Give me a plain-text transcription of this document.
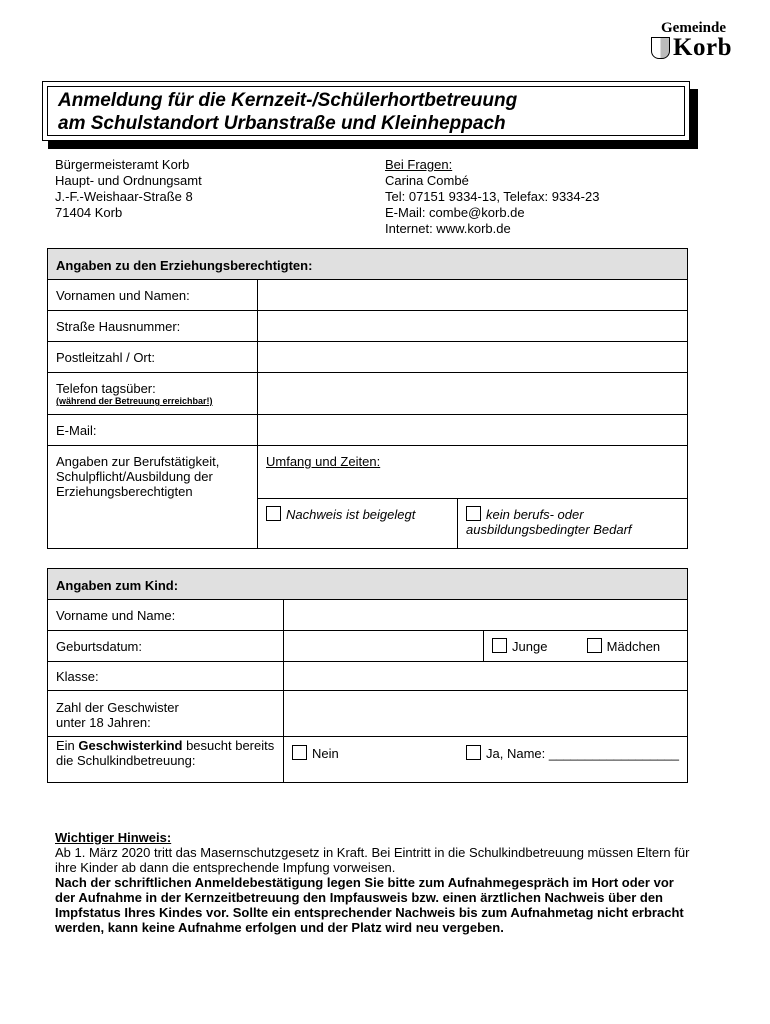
Gemeinde
Korb
Anmeldung für die Kernzeit-/Schülerhortbetreuung
am Schulstandort Urbanstraße und Kleinheppach
Bürgermeisteramt Korb
Haupt- und Ordnungsamt
J.-F.-Weishaar-Straße 8
71404 Korb
Bei Fragen:
Carina Combé
Tel: 07151 9334-13, Telefax: 9334-23
E-Mail: combe@korb.de
Internet: www.korb.de
Angaben zu den Erziehungsberechtigten:		
Vornamen und Namen:		
Straße Hausnummer:		
Postleitzahl / Ort:		
Telefon tagsüber:
(während der Betreuung erreichbar!)		

E-Mail:		
Angaben zur Berufstätigkeit, Schulpflicht/Ausbildung der Erziehungsberechtigten	Umfang und Zeiten:	
	Nachweis ist beigelegt	kein berufs- oder ausbildungsbedingter Bedarf
Angaben zum Kind:		
Vorname und Name:		
Geburtsdatum:		Junge Mädchen
Klasse:		
Zahl der Geschwister unter 18 Jahren:		
Ein Geschwisterkind besucht bereits die Schulkindbetreuung:	Nein Ja, Name: __________________	
Wichtiger Hinweis:
Ab 1. März 2020 tritt das Masernschutzgesetz in Kraft. Bei Eintritt in die Schulkindbetreuung müssen Eltern für ihre Kinder ab dann die entsprechende Impfung vorweisen.
Nach der schriftlichen Anmeldebestätigung legen Sie bitte zum Aufnahmegespräch im Hort oder vor der Aufnahme in der Kernzeitbetreuung den Impfausweis bzw. einen ärztlichen Nachweis über den Impfstatus Ihres Kindes vor. Sollte ein entsprechender Nachweis bis zum Aufnahmetag nicht erbracht werden, kann keine Aufnahme erfolgen und der Platz wird neu vergeben.
